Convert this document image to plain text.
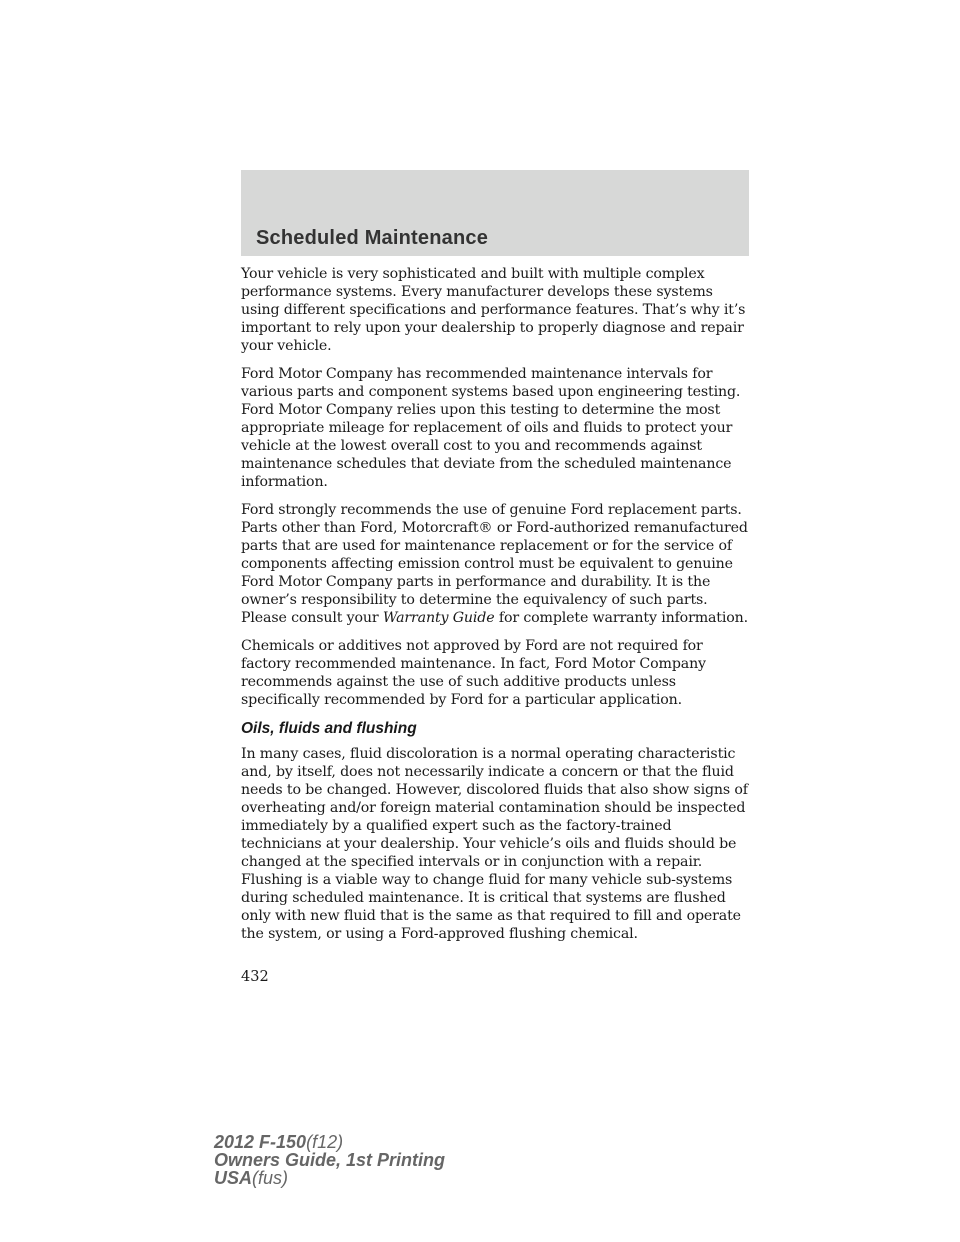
Scheduled Maintenance

Your vehicle is very sophisticated and built with multiple complex performance systems. Every manufacturer develops these systems using different specifications and performance features. That’s why it’s important to rely upon your dealership to properly diagnose and repair your vehicle.

Ford Motor Company has recommended maintenance intervals for various parts and component systems based upon engineering testing. Ford Motor Company relies upon this testing to determine the most appropriate mileage for replacement of oils and fluids to protect your vehicle at the lowest overall cost to you and recommends against maintenance schedules that deviate from the scheduled maintenance information.

Ford strongly recommends the use of genuine Ford replacement parts. Parts other than Ford, Motorcraft® or Ford-authorized remanufactured parts that are used for maintenance replacement or for the service of components affecting emission control must be equivalent to genuine Ford Motor Company parts in performance and durability. It is the owner’s responsibility to determine the equivalency of such parts. Please consult your Warranty Guide for complete warranty information.

Chemicals or additives not approved by Ford are not required for factory recommended maintenance. In fact, Ford Motor Company recommends against the use of such additive products unless specifically recommended by Ford for a particular application.

Oils, fluids and flushing

In many cases, fluid discoloration is a normal operating characteristic and, by itself, does not necessarily indicate a concern or that the fluid needs to be changed. However, discolored fluids that also show signs of overheating and/or foreign material contamination should be inspected immediately by a qualified expert such as the factory-trained technicians at your dealership. Your vehicle’s oils and fluids should be changed at the specified intervals or in conjunction with a repair. Flushing is a viable way to change fluid for many vehicle sub-systems during scheduled maintenance. It is critical that systems are flushed only with new fluid that is the same as that required to fill and operate the system, or using a Ford-approved flushing chemical.

432
2012 F-150(f12)
Owners Guide, 1st Printing
USA(fus)
